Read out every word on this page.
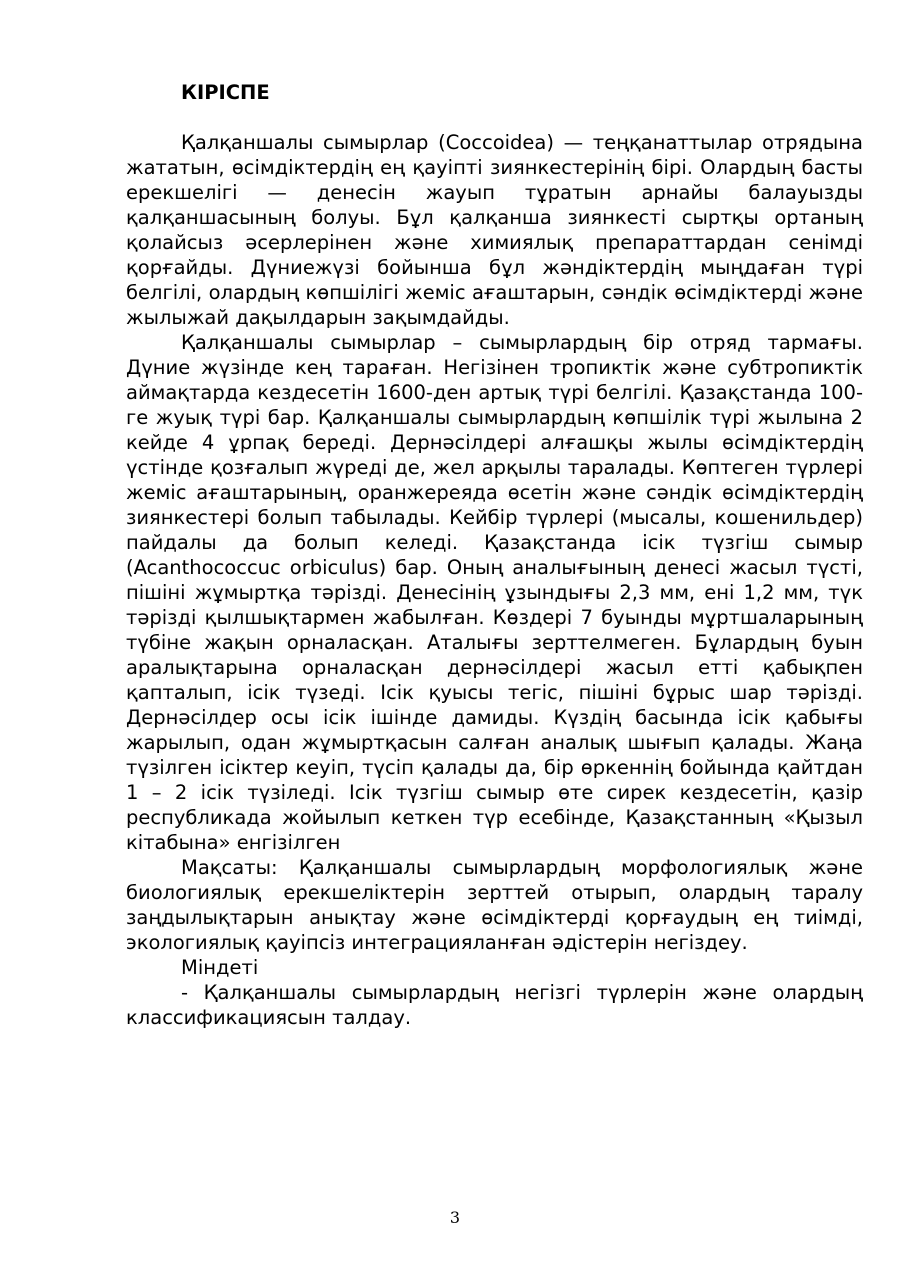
КІРІСПЕ

Қалқаншалы сымырлар (Coccoidea) — теңқанаттылар отрядына жататын, өсімдіктердің ең қауіпті зиянкестерінің бірі. Олардың басты ерекшелігі — денесін жауып тұратын арнайы балауызды қалқаншасының болуы. Бұл қалқанша зиянкесті сыртқы ортаның қолайсыз әсерлерінен және химиялық препараттардан сенімді қорғайды. Дүниежүзі бойынша бұл жәндіктердің мыңдаған түрі белгілі, олардың көпшілігі жеміс ағаштарын, сәндік өсімдіктерді және жылыжай дақылдарын зақымдайды.

Қалқаншалы сымырлар – сымырлардың бір отряд тармағы. Дүние жүзінде кең тараған. Негізінен тропиктік және субтропиктік аймақтарда кездесетін 1600-ден артық түрі белгілі. Қазақстанда 100-ге жуық түрі бар. Қалқаншалы сымырлардың көпшілік түрі жылына 2 кейде 4 ұрпақ береді. Дернәсілдері алғашқы жылы өсімдіктердің үстінде қозғалып жүреді де, жел арқылы таралады. Көптеген түрлері жеміс ағаштарының, оранжереяда өсетін және сәндік өсімдіктердің зиянкестері болып табылады. Кейбір түрлері (мысалы, кошенильдер) пайдалы да болып келеді. Қазақстанда ісік түзгіш сымыр (Acanthococcuc orbiculus) бар. Оның аналығының денесі жасыл түсті, пішіні жұмыртқа тәрізді. Денесінің ұзындығы 2,3 мм, ені 1,2 мм, түк тәрізді қылшықтармен жабылған. Көздері 7 буынды мұртшаларының түбіне жақын орналасқан. Аталығы зерттелмеген. Бұлардың буын аралықтарына орналасқан дернәсілдері жасыл етті қабықпен қапталып, ісік түзеді. Ісік қуысы тегіс, пішіні бұрыс шар тәрізді. Дернәсілдер осы ісік ішінде дамиды. Күздің басында ісік қабығы жарылып, одан жұмыртқасын салған аналық шығып қалады. Жаңа түзілген ісіктер кеуіп, түсіп қалады да, бір өркеннің бойында қайтдан 1 – 2 ісік түзіледі. Ісік түзгіш сымыр өте сирек кездесетін, қазір республикада жойылып кеткен түр есебінде, Қазақстанның «Қызыл кітабына» енгізілген

Мақсаты: Қалқаншалы сымырлардың морфологиялық және биологиялық ерекшеліктерін зерттей отырып, олардың таралу заңдылықтарын анықтау және өсімдіктерді қорғаудың ең тиімді, экологиялық қауіпсіз интеграцияланған әдістерін негіздеу.

Міндеті

- Қалқаншалы сымырлардың негізгі түрлерін және олардың классификациясын талдау.

3
